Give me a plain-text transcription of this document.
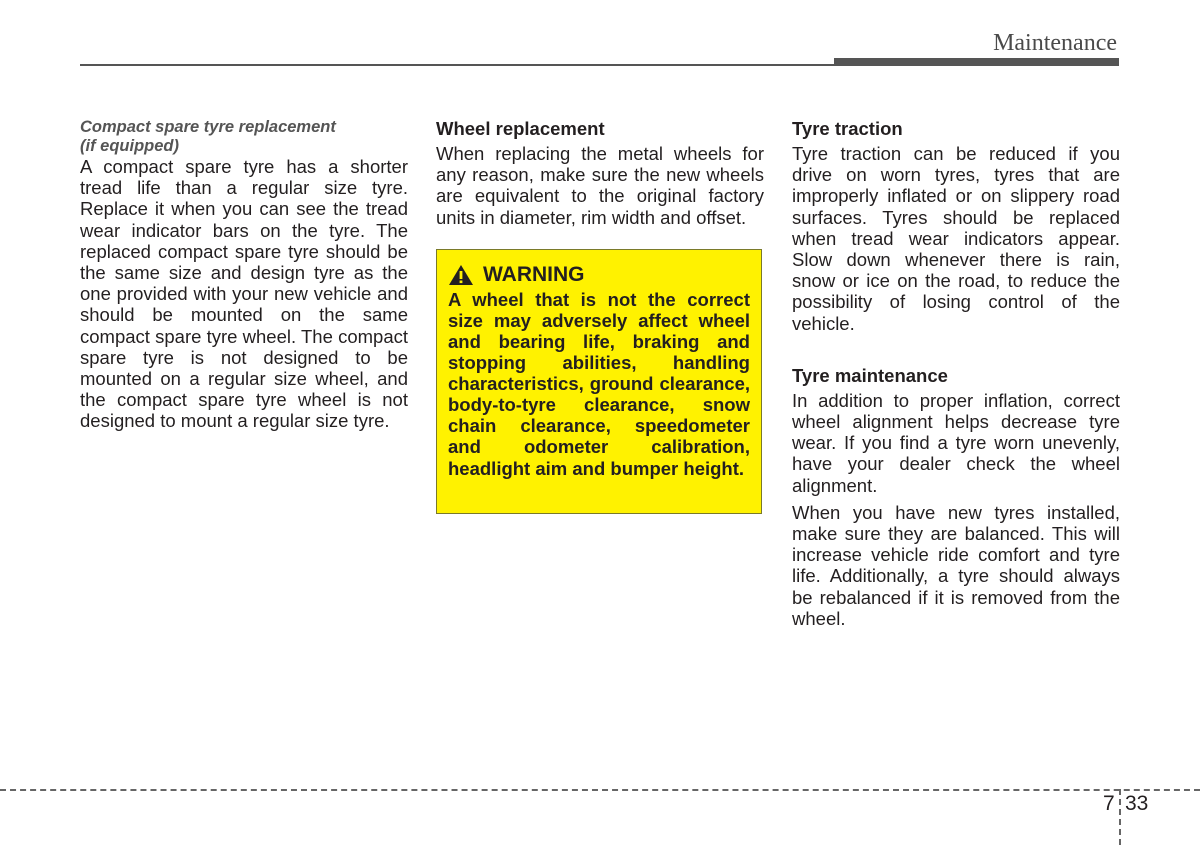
Maintenance
Compact spare tyre replacement
(if equipped)

A compact spare tyre has a shorter tread life than a regular size tyre. Replace it when you can see the tread wear indicator bars on the tyre. The replaced compact spare tyre should be the same size and design tyre as the one provided with your new vehicle and should be mounted on the same compact spare tyre wheel. The compact spare tyre is not designed to be mounted on a regular size wheel, and the compact spare tyre wheel is not designed to mount a regular size tyre.

Wheel replacement

When replacing the metal wheels for any reason, make sure the new wheels are equivalent to the original factory units in diameter, rim width and offset.

WARNING
A wheel that is not the correct size may adversely affect wheel and bearing life, braking and stopping abilities, handling characteristics, ground clearance, body-to-tyre clearance, snow chain clearance, speedometer and odometer calibration, headlight aim and bumper height.
Tyre traction

Tyre traction can be reduced if you drive on worn tyres, tyres that are improperly inflated or on slippery road surfaces. Tyres should be replaced when tread wear indicators appear. Slow down whenever there is rain, snow or ice on the road, to reduce the possibility of losing control of the vehicle.

Tyre maintenance

In addition to proper inflation, correct wheel alignment helps decrease tyre wear. If you find a tyre worn unevenly, have your dealer check the wheel alignment.

When you have new tyres installed, make sure they are balanced. This will increase vehicle ride comfort and tyre life. Additionally, a tyre should always be rebalanced if it is removed from the wheel.

7 33
